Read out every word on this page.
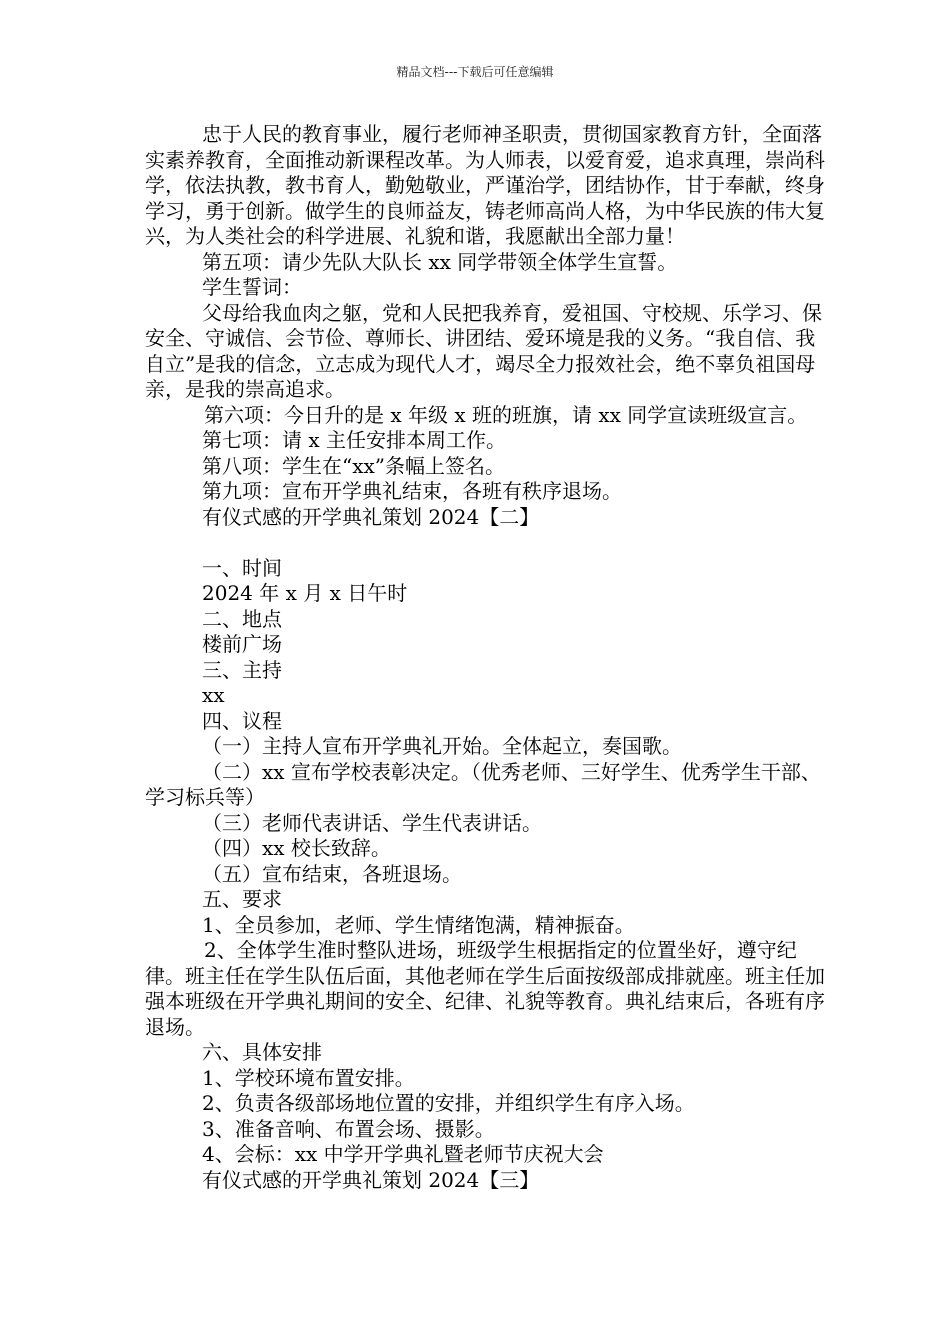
精品文档---下载后可任意编辑

忠于人民的教育事业，履行老师神圣职责，贯彻国家教育方针，全面落实素养教育，全面推动新课程改革。为人师表，以爱育爱，追求真理，崇尚科学，依法执教，教书育人，勤勉敬业，严谨治学，团结协作，甘于奉献，终身学习，勇于创新。做学生的良师益友，铸老师高尚人格，为中华民族的伟大复兴，为人类社会的科学进展、礼貌和谐，我愿献出全部力量！

第五项：请少先队大队长 xx 同学带领全体学生宣誓。

学生誓词：

父母给我血肉之躯，党和人民把我养育，爱祖国、守校规、乐学习、保安全、守诚信、会节俭、尊师长、讲团结、爱环境是我的义务。“我自信、我自立”是我的信念，立志成为现代人才，竭尽全力报效社会，绝不辜负祖国母亲，是我的崇高追求。

第六项：今日升的是 x 年级 x 班的班旗，请 xx 同学宣读班级宣言。

第七项：请 x 主任安排本周工作。

第八项：学生在“xx”条幅上签名。

第九项：宣布开学典礼结束，各班有秩序退场。

有仪式感的开学典礼策划 2024【二】

一、时间

2024 年 x 月 x 日午时

二、地点

楼前广场

三、主持

xx

四、议程

（一）主持人宣布开学典礼开始。全体起立，奏国歌。

（二）xx 宣布学校表彰决定。（优秀老师、三好学生、优秀学生干部、学习标兵等）

（三）老师代表讲话、学生代表讲话。

（四）xx 校长致辞。

（五）宣布结束，各班退场。

五、要求

1、全员参加，老师、学生情绪饱满，精神振奋。

2、全体学生准时整队进场，班级学生根据指定的位置坐好，遵守纪律。班主任在学生队伍后面，其他老师在学生后面按级部成排就座。班主任加强本班级在开学典礼期间的安全、纪律、礼貌等教育。典礼结束后，各班有序退场。

六、具体安排

1、学校环境布置安排。

2、负责各级部场地位置的安排，并组织学生有序入场。

3、准备音响、布置会场、摄影。

4、会标：xx 中学开学典礼暨老师节庆祝大会

有仪式感的开学典礼策划 2024【三】
